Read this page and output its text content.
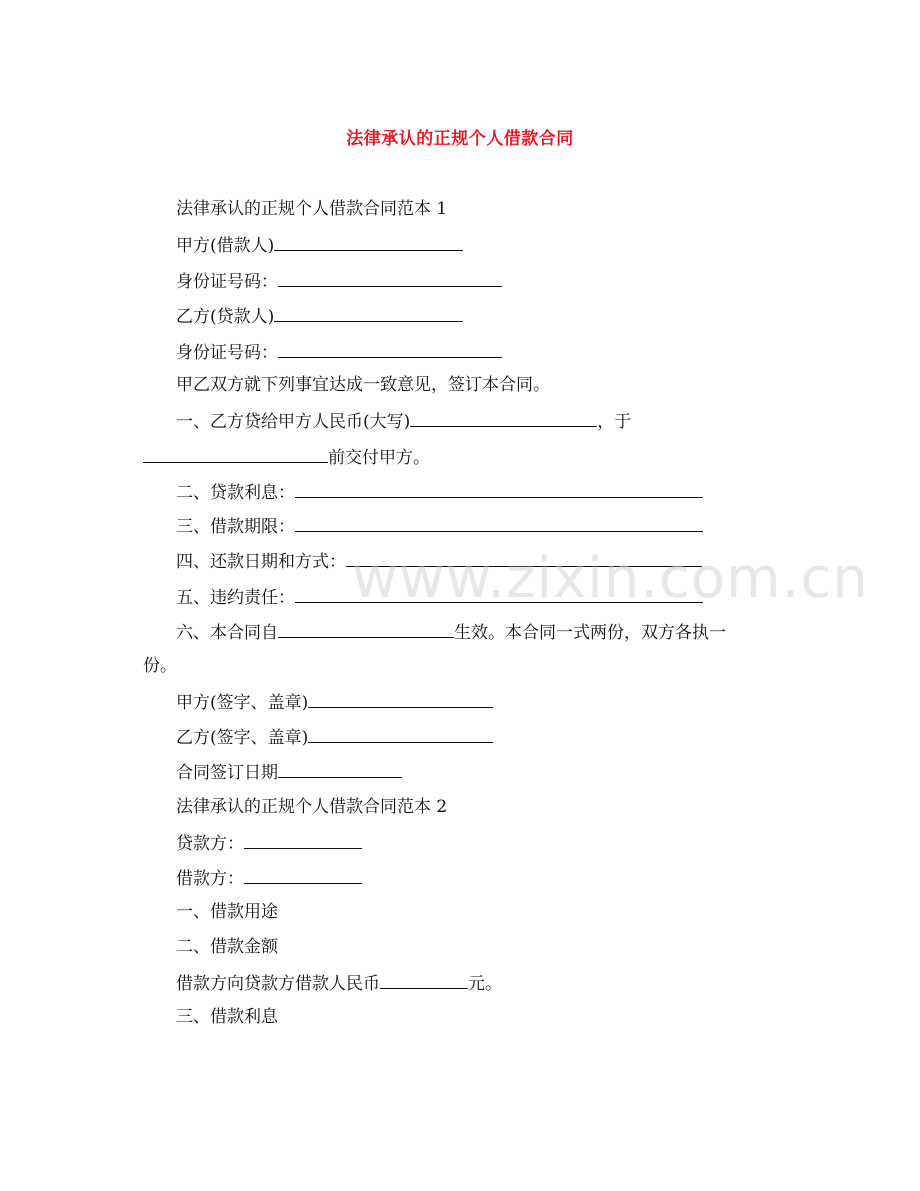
法律承认的正规个人借款合同
法律承认的正规个人借款合同范本 1
甲方(借款人)
身份证号码：
乙方(贷款人)
身份证号码：
甲乙双方就下列事宜达成一致意见，签订本合同。
一、乙方贷给甲方人民币(大写)	，于
前交付甲方。
二、贷款利息：
三、借款期限：
四、还款日期和方式：
五、违约责任：
六、本合同自	生效。本合同一式两份，双方各执一
份。
甲方(签字、盖章)
乙方(签字、盖章)
合同签订日期
法律承认的正规个人借款合同范本 2
贷款方：
借款方：
一、借款用途
二、借款金额
借款方向贷款方借款人民币	元。
三、借款利息
www.zixin.com.cn
